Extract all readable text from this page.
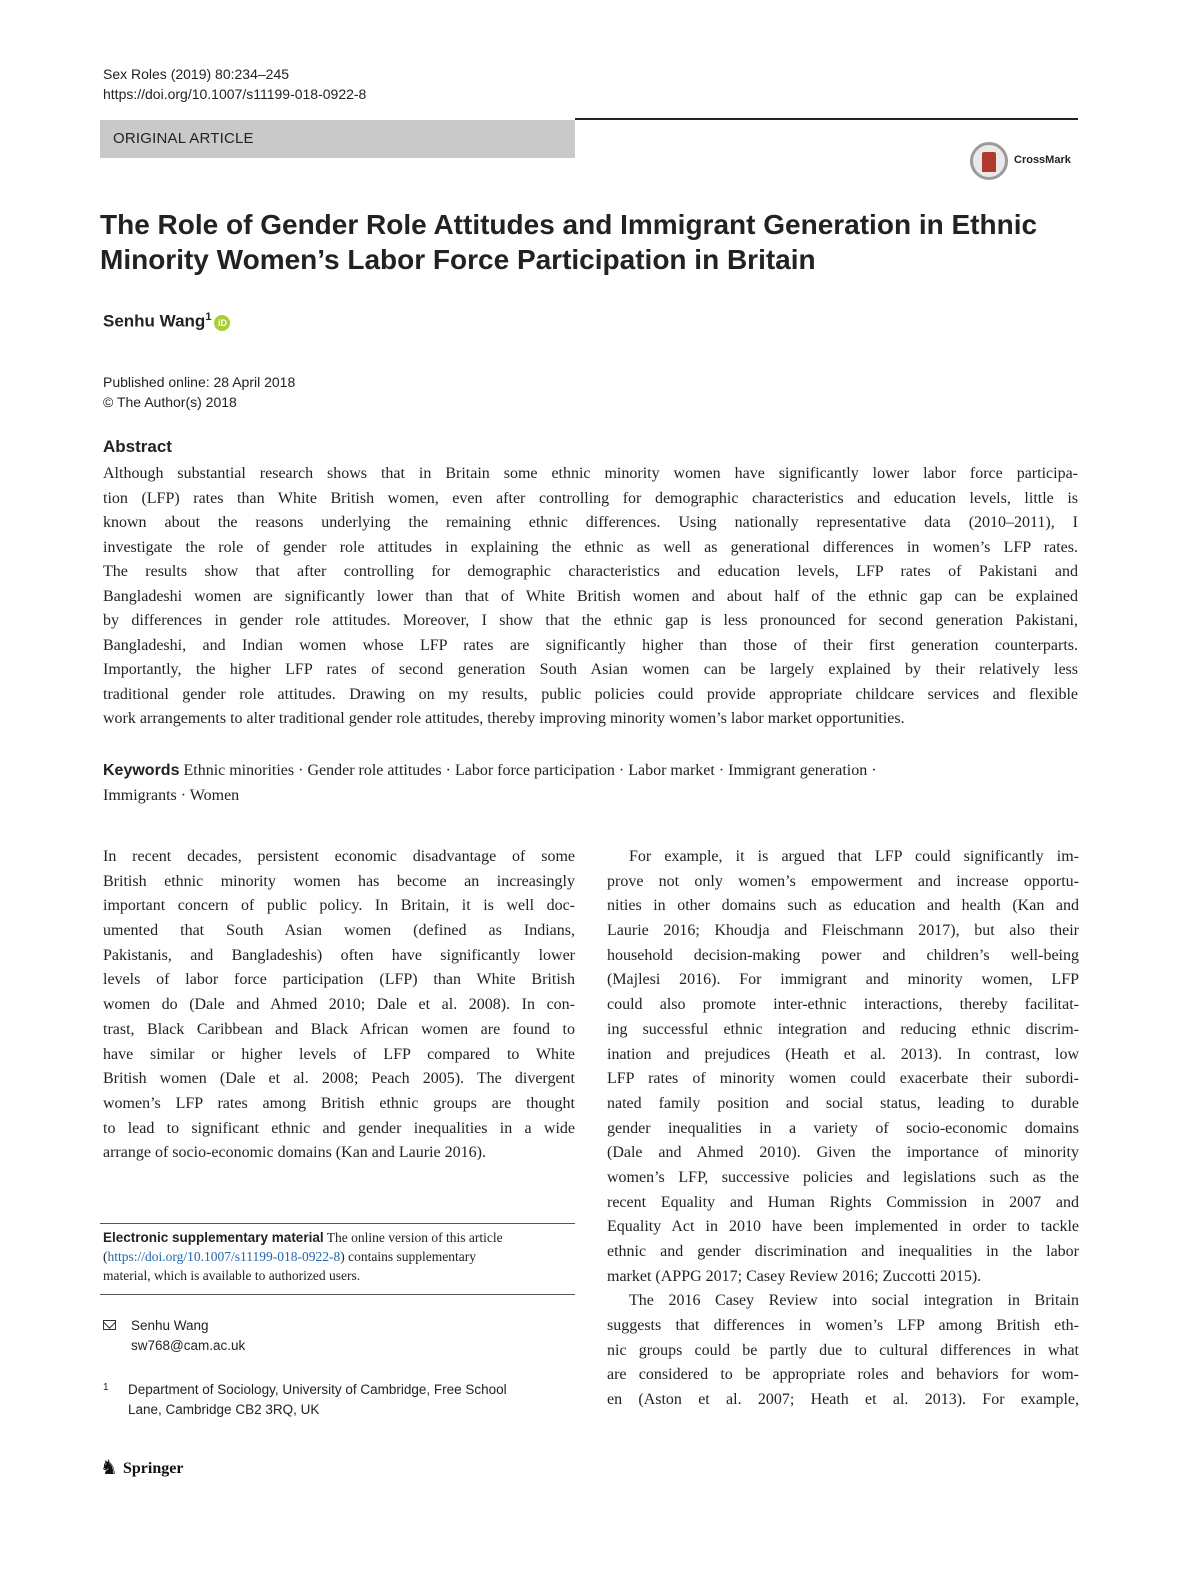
Sex Roles (2019) 80:234–245
https://doi.org/10.1007/s11199-018-0922-8
ORIGINAL ARTICLE
CrossMark
The Role of Gender Role Attitudes and Immigrant Generation in Ethnic
Minority Women’s Labor Force Participation in Britain
Senhu Wang$^1$ iD
Published online: 28 April 2018
© The Author(s) 2018
Abstract
Although substantial research shows that in Britain some ethnic minority women have significantly lower labor force participa-
tion (LFP) rates than White British women, even after controlling for demographic characteristics and education levels, little is
known about the reasons underlying the remaining ethnic differences. Using nationally representative data (2010–2011), I
investigate the role of gender role attitudes in explaining the ethnic as well as generational differences in women’s LFP rates.
The results show that after controlling for demographic characteristics and education levels, LFP rates of Pakistani and
Bangladeshi women are significantly lower than that of White British women and about half of the ethnic gap can be explained
by differences in gender role attitudes. Moreover, I show that the ethnic gap is less pronounced for second generation Pakistani,
Bangladeshi, and Indian women whose LFP rates are significantly higher than those of their first generation counterparts.
Importantly, the higher LFP rates of second generation South Asian women can be largely explained by their relatively less
traditional gender role attitudes. Drawing on my results, public policies could provide appropriate childcare services and flexible
work arrangements to alter traditional gender role attitudes, thereby improving minority women’s labor market opportunities.
Keywords Ethnic minorities · Gender role attitudes · Labor force participation · Labor market · Immigrant generation ·
Immigrants · Women
In recent decades, persistent economic disadvantage of some
British ethnic minority women has become an increasingly
important concern of public policy. In Britain, it is well doc-
umented that South Asian women (defined as Indians,
Pakistanis, and Bangladeshis) often have significantly lower
levels of labor force participation (LFP) than White British
women do (Dale and Ahmed 2010; Dale et al. 2008). In con-
trast, Black Caribbean and Black African women are found to
have similar or higher levels of LFP compared to White
British women (Dale et al. 2008; Peach 2005). The divergent
women’s LFP rates among British ethnic groups are thought
to lead to significant ethnic and gender inequalities in a wide
arrange of socio-economic domains (Kan and Laurie 2016).
For example, it is argued that LFP could significantly im-
prove not only women’s empowerment and increase opportu-
nities in other domains such as education and health (Kan and
Laurie 2016; Khoudja and Fleischmann 2017), but also their
household decision-making power and children’s well-being
(Majlesi 2016). For immigrant and minority women, LFP
could also promote inter-ethnic interactions, thereby facilitat-
ing successful ethnic integration and reducing ethnic discrim-
ination and prejudices (Heath et al. 2013). In contrast, low
LFP rates of minority women could exacerbate their subordi-
nated family position and social status, leading to durable
gender inequalities in a variety of socio-economic domains
(Dale and Ahmed 2010). Given the importance of minority
women’s LFP, successive policies and legislations such as the
recent Equality and Human Rights Commission in 2007 and
Equality Act in 2010 have been implemented in order to tackle
ethnic and gender discrimination and inequalities in the labor
market (APPG 2017; Casey Review 2016; Zuccotti 2015).
The 2016 Casey Review into social integration in Britain
suggests that differences in women’s LFP among British eth-
nic groups could be partly due to cultural differences in what
are considered to be appropriate roles and behaviors for wom-
en (Aston et al. 2007; Heath et al. 2013). For example,
Electronic supplementary material The online version of this article
(https://doi.org/10.1007/s11199-018-0922-8) contains supplementary
material, which is available to authorized users.
Senhu Wang
sw768@cam.ac.uk
1 Department of Sociology, University of Cambridge, Free School
Lane, Cambridge CB2 3RQ, UK
♞ Springer
